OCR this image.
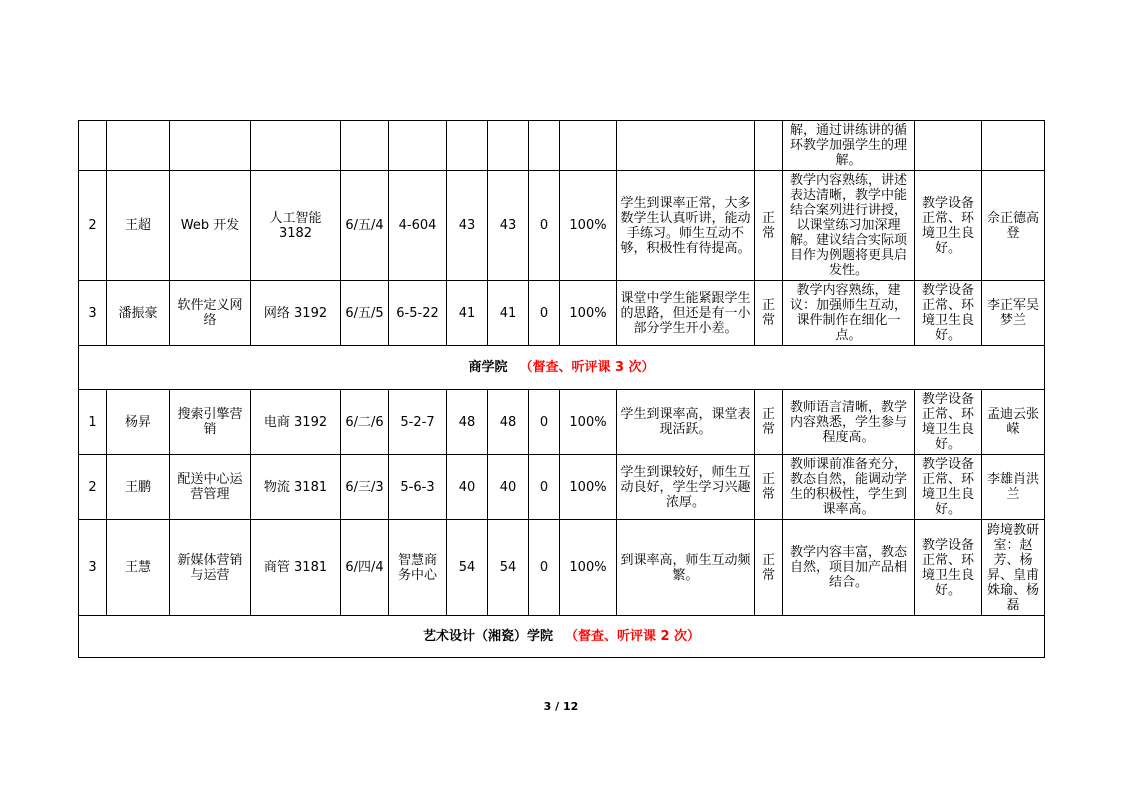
												解，通过讲练讲的循环教学加强学生的理解。		
2	王超	Web 开发	人工智能3182	6/五/4	4-604	43	43	0	100%	学生到课率正常，大多数学生认真听讲，能动手练习。师生互动不够，积极性有待提高。	正常	教学内容熟练，讲述表达清晰，教学中能结合案列进行讲授，以课堂练习加深理解。建议结合实际项目作为例题将更具启发性。	教学设备正常、环境卫生良好。	佘正德高登
3	潘振豪	软件定义网络	网络 3192	6/五/5	6-5-22	41	41	0	100%	课堂中学生能紧跟学生的思路，但还是有一小部分学生开小差。	正常	教学内容熟练，建议：加强师生互动，课件制作在细化一点。	教学设备正常、环境卫生良好。	李正军吴梦兰
商学院 （督查、听评课 3 次）														
1	杨昇	搜索引擎营销	电商 3192	6/二/6	5-2-7	48	48	0	100%	学生到课率高，课堂表现活跃。	正常	教师语言清晰，教学内容熟悉，学生参与程度高。	教学设备正常、环境卫生良好。	孟迪云张嵘
2	王鹏	配送中心运营管理	物流 3181	6/三/3	5-6-3	40	40	0	100%	学生到课较好，师生互动良好，学生学习兴趣浓厚。	正常	教师课前准备充分，教态自然，能调动学生的积极性，学生到课率高。	教学设备正常、环境卫生良好。	李雄肖洪兰
3	王慧	新媒体营销与运营	商管 3181	6/四/4	智慧商务中心	54	54	0	100%	到课率高，师生互动频繁。	正常	教学内容丰富，教态自然，项目加产品相结合。	教学设备正常、环境卫生良好。	跨境教研室：赵芳、杨昇、皇甫姝瑜、杨磊
艺术设计（湘瓷）学院 （督查、听评课 2 次）														
3 / 12
